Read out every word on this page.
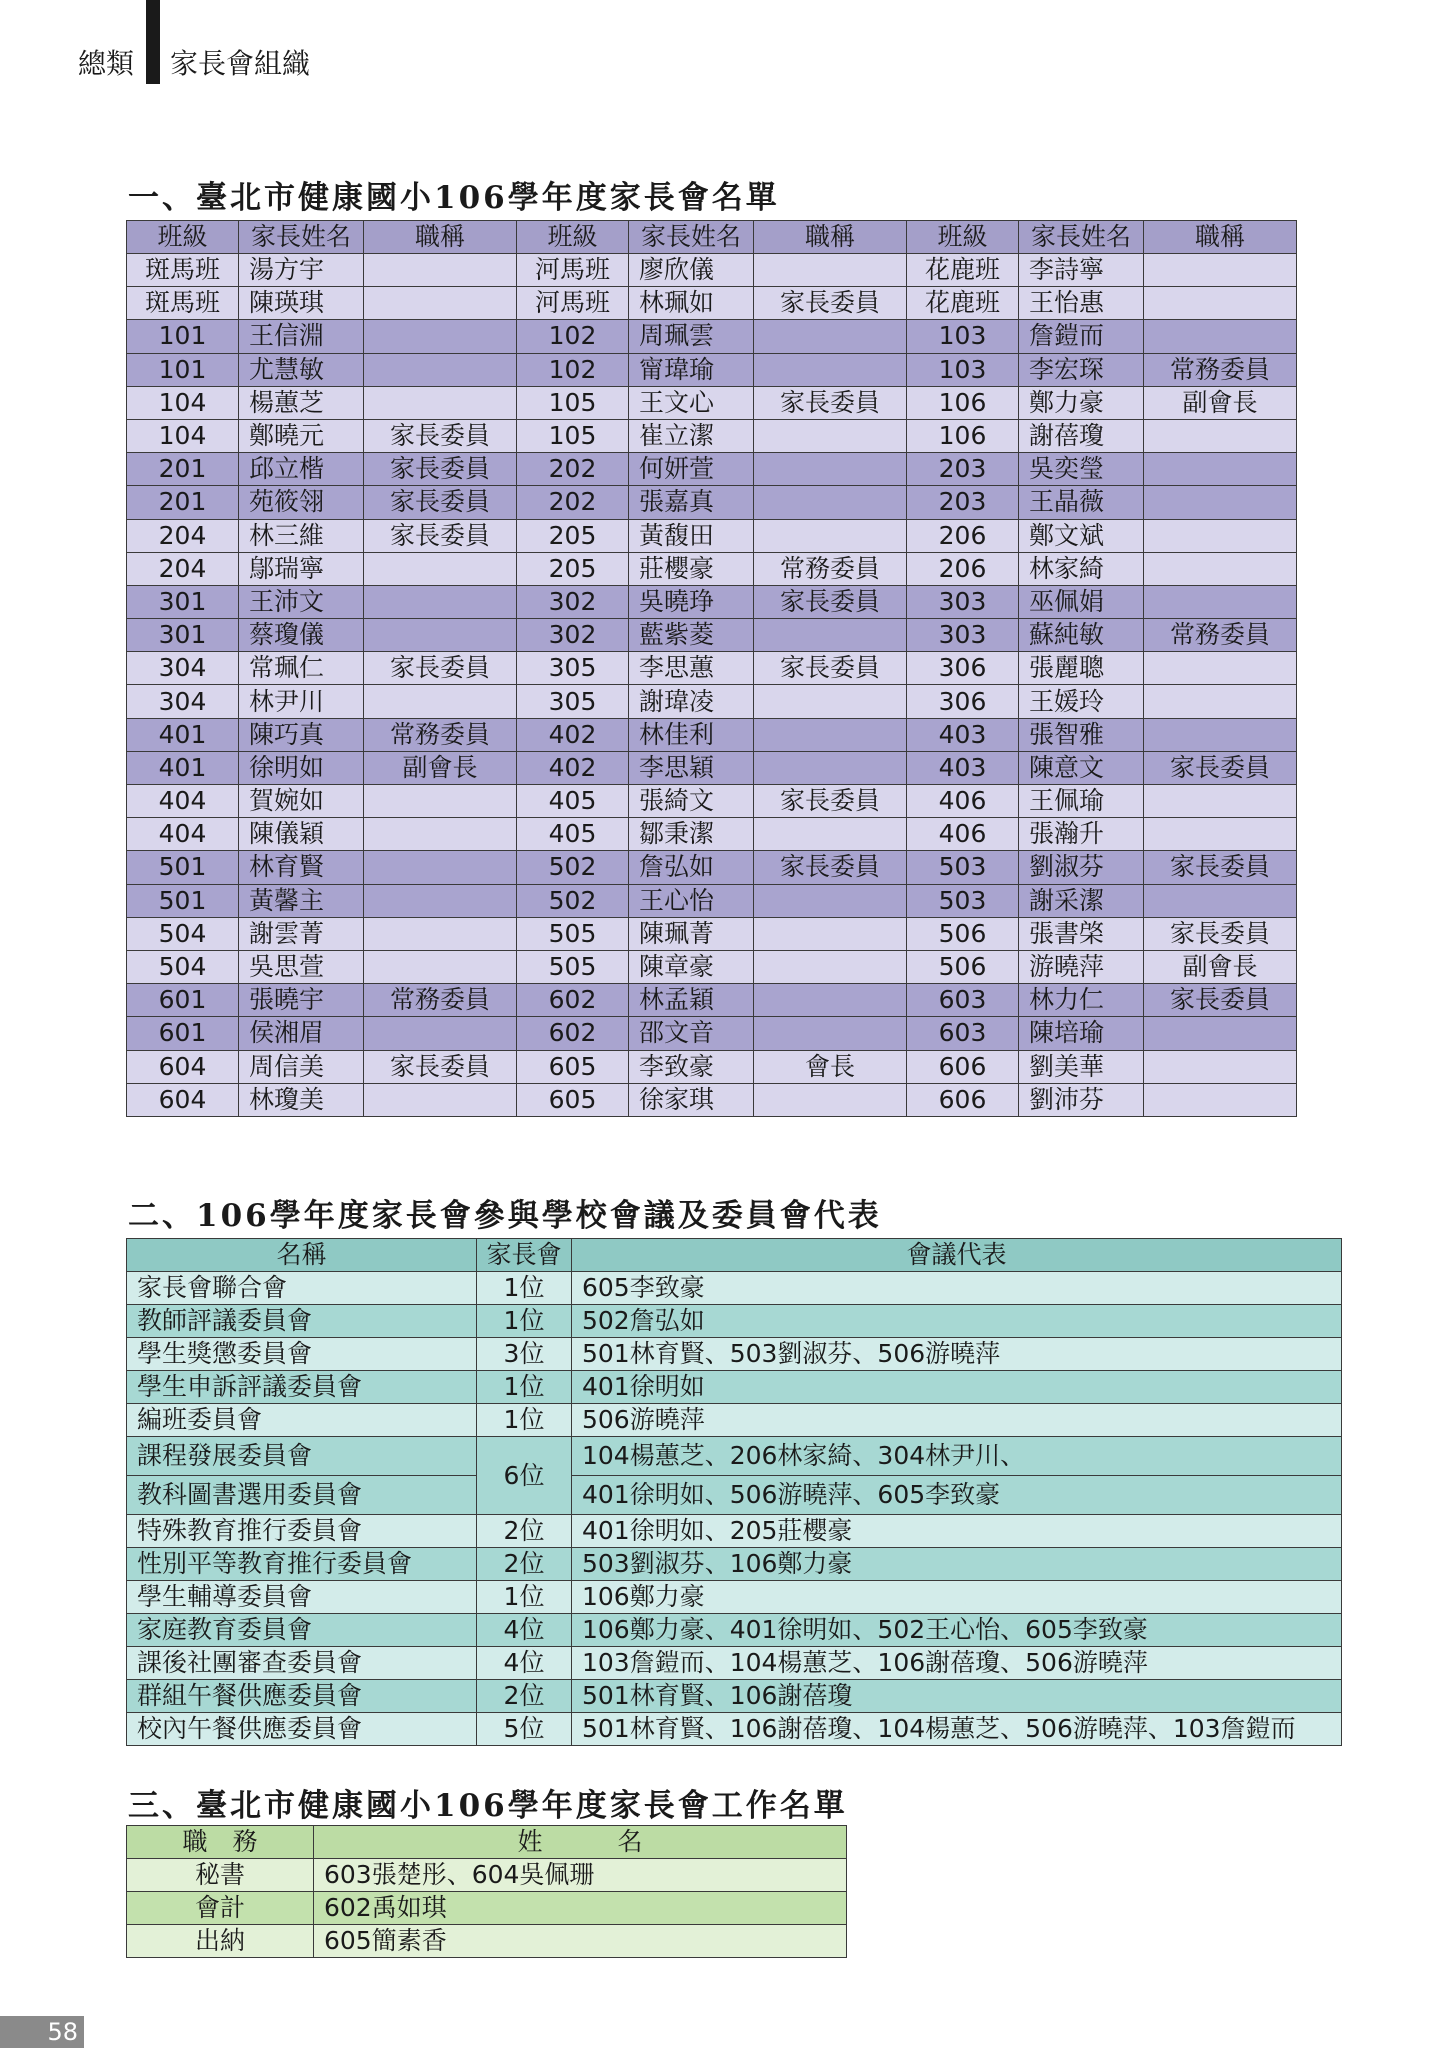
總類 家長會組織
一、臺北市健康國小106學年度家長會名單
班級	家長姓名	職稱	班級	家長姓名	職稱	班級	家長姓名	職稱
斑馬班	湯方宇		河馬班	廖欣儀		花鹿班	李詩寧	
斑馬班	陳瑛琪		河馬班	林珮如	家長委員	花鹿班	王怡惠	
101	王信淵		102	周珮雲		103	詹鎧而	
101	尤慧敏		102	甯瑋瑜		103	李宏琛	常務委員
104	楊蕙芝		105	王文心	家長委員	106	鄭力豪	副會長
104	鄭曉元	家長委員	105	崔立潔		106	謝蓓瓊	
201	邱立楷	家長委員	202	何妍萱		203	吳奕瑩	
201	苑筱翎	家長委員	202	張嘉真		203	王晶薇	
204	林三維	家長委員	205	黃馥田		206	鄭文斌	
204	鄔瑞寧		205	莊櫻豪	常務委員	206	林家綺	
301	王沛文		302	吳曉琤	家長委員	303	巫佩娟	
301	蔡瓊儀		302	藍紫菱		303	蘇純敏	常務委員
304	常珮仁	家長委員	305	李思蕙	家長委員	306	張麗聰	
304	林尹川		305	謝瑋凌		306	王媛玲	
401	陳巧真	常務委員	402	林佳利		403	張智雅	
401	徐明如	副會長	402	李思穎		403	陳意文	家長委員
404	賀婉如		405	張綺文	家長委員	406	王佩瑜	
404	陳儀穎		405	鄒秉潔		406	張瀚升	
501	林育賢		502	詹弘如	家長委員	503	劉淑芬	家長委員
501	黃馨主		502	王心怡		503	謝采潔	
504	謝雲菁		505	陳珮菁		506	張書棨	家長委員
504	吳思萱		505	陳章豪		506	游曉萍	副會長
601	張曉宇	常務委員	602	林孟穎		603	林力仁	家長委員
601	侯湘眉		602	邵文音		603	陳培瑜	
604	周信美	家長委員	605	李致豪	會長	606	劉美華	
604	林瓊美		605	徐家琪		606	劉沛芬	
二、106學年度家長會參與學校會議及委員會代表
名稱	家長會	會議代表
家長會聯合會	1位	605李致豪
教師評議委員會	1位	502詹弘如
學生獎懲委員會	3位	501林育賢、503劉淑芬、506游曉萍
學生申訴評議委員會	1位	401徐明如
編班委員會	1位	506游曉萍
課程發展委員會	6位	104楊蕙芝、206林家綺、304林尹川、
教科圖書選用委員會		401徐明如、506游曉萍、605李致豪
特殊教育推行委員會	2位	401徐明如、205莊櫻豪
性別平等教育推行委員會	2位	503劉淑芬、106鄭力豪
學生輔導委員會	1位	106鄭力豪
家庭教育委員會	4位	106鄭力豪、401徐明如、502王心怡、605李致豪
課後社團審查委員會	4位	103詹鎧而、104楊蕙芝、106謝蓓瓊、506游曉萍
群組午餐供應委員會	2位	501林育賢、106謝蓓瓊
校內午餐供應委員會	5位	501林育賢、106謝蓓瓊、104楊蕙芝、506游曉萍、103詹鎧而
三、臺北市健康國小106學年度家長會工作名單
職　務	姓　　　名
秘書	603張楚彤、604吳佩珊
會計	602禹如琪
出納	605簡素香
58
